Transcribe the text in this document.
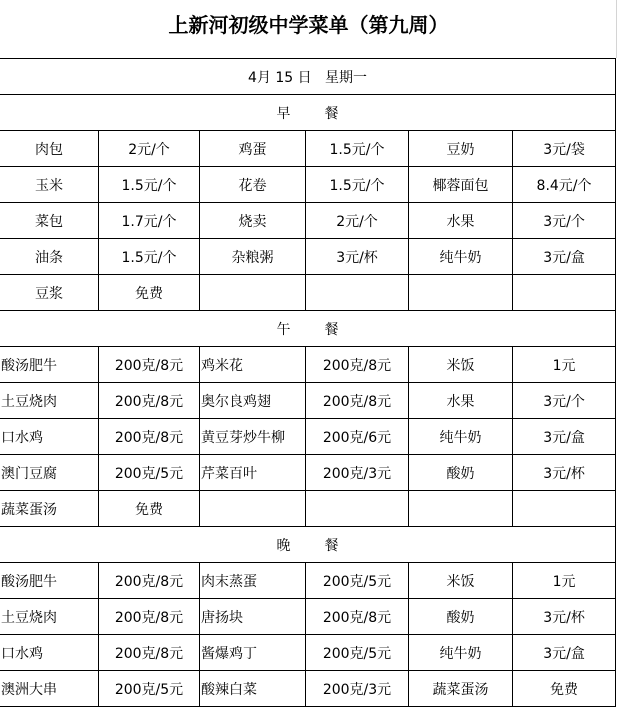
上新河初级中学菜单（第九周）
4月 15 日   星期一					
早 餐					
肉包	2元/个	鸡蛋	1.5元/个	豆奶	3元/袋
玉米	1.5元/个	花卷	1.5元/个	椰蓉面包	8.4元/个
菜包	1.7元/个	烧卖	2元/个	水果	3元/个
油条	1.5元/个	杂粮粥	3元/杯	纯牛奶	3元/盒
豆浆	免费				
午 餐					
酸汤肥牛	200克/8元	鸡米花	200克/8元	米饭	1元
土豆烧肉	200克/8元	奥尔良鸡翅	200克/8元	水果	3元/个
口水鸡	200克/8元	黄豆芽炒牛柳	200克/6元	纯牛奶	3元/盒
澳门豆腐	200克/5元	芹菜百叶	200克/3元	酸奶	3元/杯
蔬菜蛋汤	免费				
晚 餐					
酸汤肥牛	200克/8元	肉末蒸蛋	200克/5元	米饭	1元
土豆烧肉	200克/8元	唐扬块	200克/8元	酸奶	3元/杯
口水鸡	200克/8元	酱爆鸡丁	200克/5元	纯牛奶	3元/盒
澳洲大串	200克/5元	酸辣白菜	200克/3元	蔬菜蛋汤	免费
